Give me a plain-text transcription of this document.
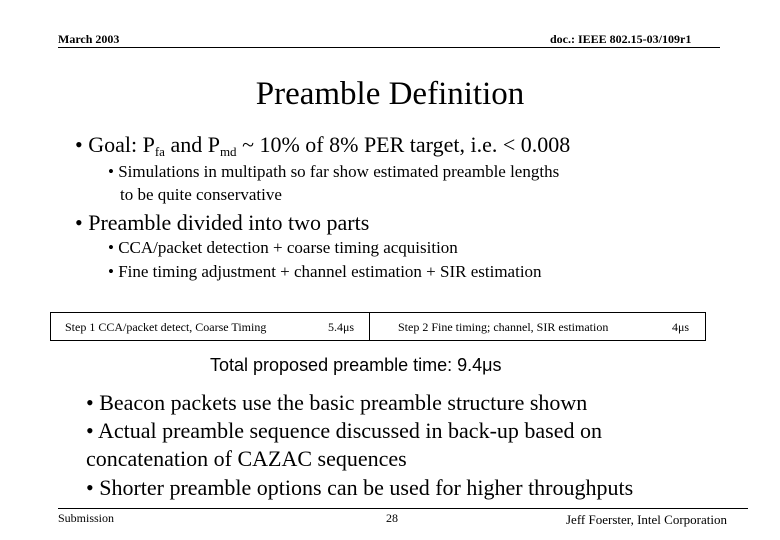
March 2003	doc.: IEEE 802.15-03/109r1
Preamble Definition
• Goal: $P_{fa}$ and $P_{md}$ ~ 10% of 8% PER target, i.e. < 0.008
• Simulations in multipath so far show estimated preamble lengths
to be quite conservative
• Preamble divided into two parts
• CCA/packet detection + coarse timing acquisition
• Fine timing adjustment + channel estimation + SIR estimation
Step 1 CCA/packet detect, Coarse Timing	5.4μs	Step 2 Fine timing; channel, SIR estimation	4μs
Total proposed preamble time: 9.4μs
• Beacon packets use the basic preamble structure shown
• Actual preamble sequence discussed in back-up based on
concatenation of CAZAC sequences
• Shorter preamble options can be used for higher throughputs
Submission	28	Jeff Foerster, Intel Corporation
